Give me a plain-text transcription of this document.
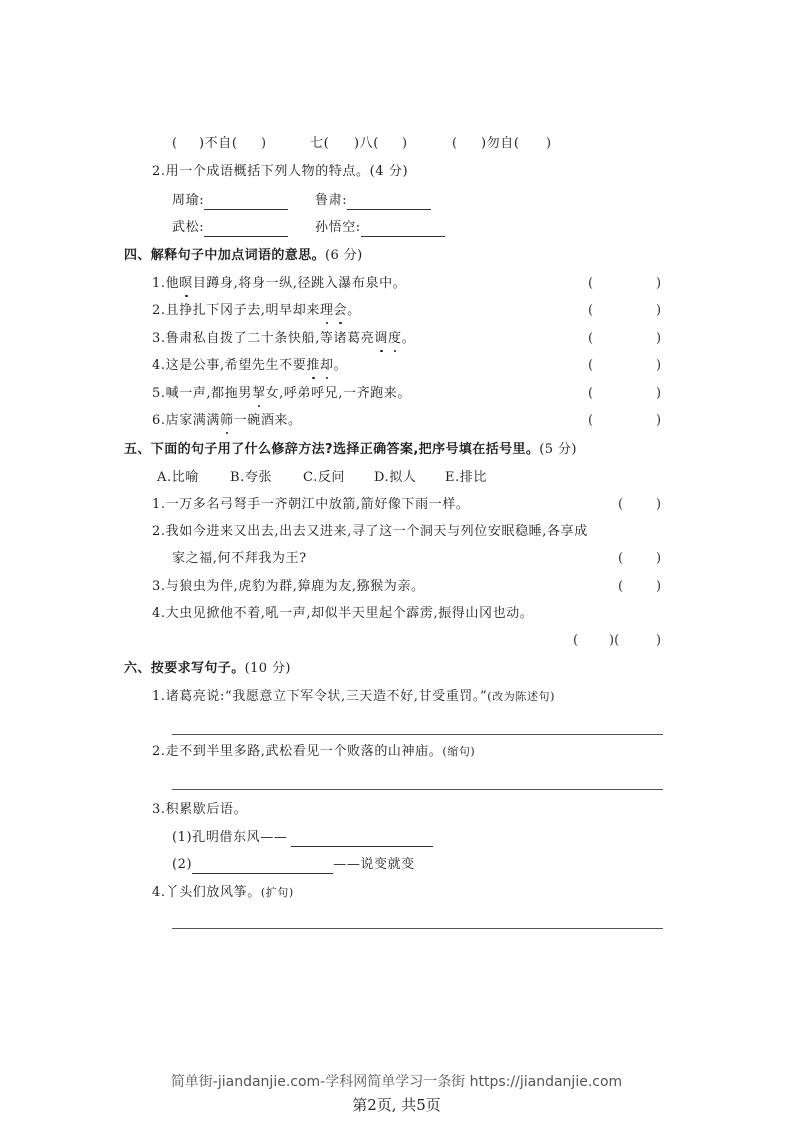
( )不自( )	七( )八( )	( )勿自( )
2.用一个成语概括下列人物的特点。(4 分)
周瑜:	鲁肃:
武松:	孙悟空:
四、解释句子中加点词语的意思。(6 分)
1.他暝目蹲身,将身一纵,径跳入瀑布泉中。
2.且挣扎下冈子去,明早却来理会。
3.鲁肃私自拨了二十条快船,等诸葛亮调度。
4.这是公事,希望先生不要推却。
5.喊一声,都拖男挈女,呼弟呼兄,一齐跑来。
6.店家满满筛一碗酒来。
(	)
(	)
(	)
(	)
(	)
(	)
五、下面的句子用了什么修辞方法?选择正确答案,把序号填在括号里。(5 分)
A.比喻 B.夸张 C.反问 D.拟人 E.排比
1.一万多名弓弩手一齐朝江中放箭,箭好像下雨一样。	(	)
2.我如今进来又出去,出去又进来,寻了这一个洞天与列位安眠稳睡,各享成
家之福,何不拜我为王?	(	)
3.与狼虫为伴,虎豹为群,獐鹿为友,猕猴为亲。	(	)
4.大虫见掀他不着,吼一声,却似半天里起个霹雳,振得山冈也动。
( )(	)
六、按要求写句子。(10 分)
1.诸葛亮说:“我愿意立下军令状,三天造不好,甘受重罚。”(改为陈述句)
2.走不到半里多路,武松看见一个败落的山神庙。(缩句)
3.积累歇后语。
(1)孔明借东风——
(2)	——说变就变
4.丫头们放风筝。(扩句)
简单街-jiandanjie.com-学科网简单学习一条街 https://jiandanjie.com
第2页, 共5页
